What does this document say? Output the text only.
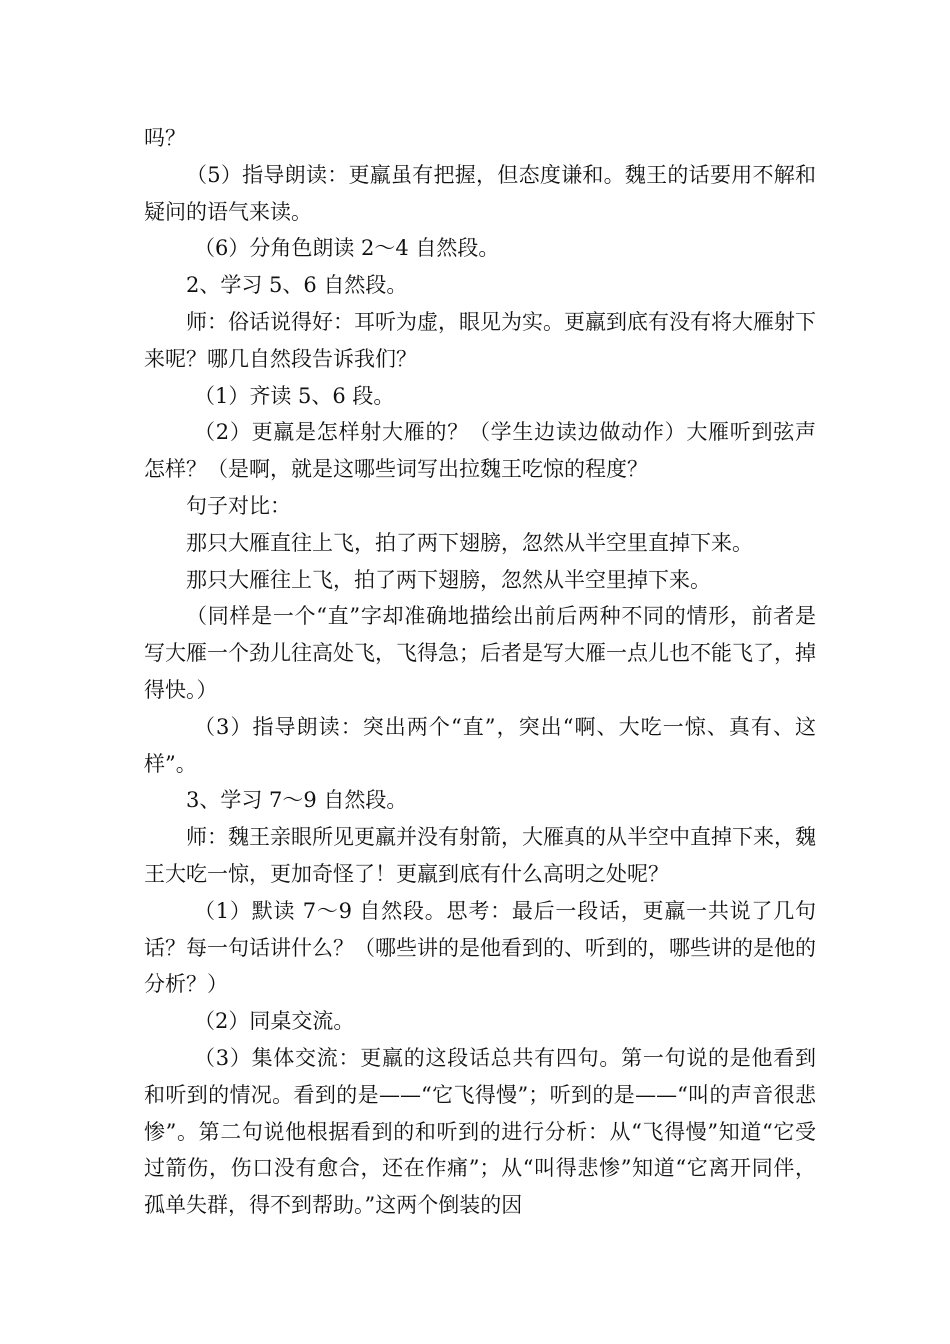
吗？

（5）指导朗读：更羸虽有把握，但态度谦和。魏王的话要用不解和疑问的语气来读。

（6）分角色朗读 2～4 自然段。

2、学习 5、6 自然段。

师：俗话说得好：耳听为虚，眼见为实。更羸到底有没有将大雁射下来呢？哪几自然段告诉我们？

（1）齐读 5、6 段。

（2）更羸是怎样射大雁的？（学生边读边做动作）大雁听到弦声怎样？（是啊，就是这哪些词写出拉魏王吃惊的程度？

句子对比：

那只大雁直往上飞，拍了两下翅膀，忽然从半空里直掉下来。

那只大雁往上飞，拍了两下翅膀，忽然从半空里掉下来。

（同样是一个“直”字却准确地描绘出前后两种不同的情形，前者是写大雁一个劲儿往高处飞，飞得急；后者是写大雁一点儿也不能飞了，掉得快。）

（3）指导朗读：突出两个“直”，突出“啊、大吃一惊、真有、这样”。

3、学习 7～9 自然段。

师：魏王亲眼所见更羸并没有射箭，大雁真的从半空中直掉下来，魏王大吃一惊，更加奇怪了！更羸到底有什么高明之处呢？

（1）默读 7～9 自然段。思考：最后一段话，更羸一共说了几句话？每一句话讲什么？（哪些讲的是他看到的、听到的，哪些讲的是他的分析？）

（2）同桌交流。

（3）集体交流：更羸的这段话总共有四句。第一句说的是他看到和听到的情况。看到的是——“它飞得慢”；听到的是——“叫的声音很悲惨”。第二句说他根据看到的和听到的进行分析：从“飞得慢”知道“它受过箭伤，伤口没有愈合，还在作痛”；从“叫得悲惨”知道“它离开同伴，孤单失群，得不到帮助。”这两个倒装的因
